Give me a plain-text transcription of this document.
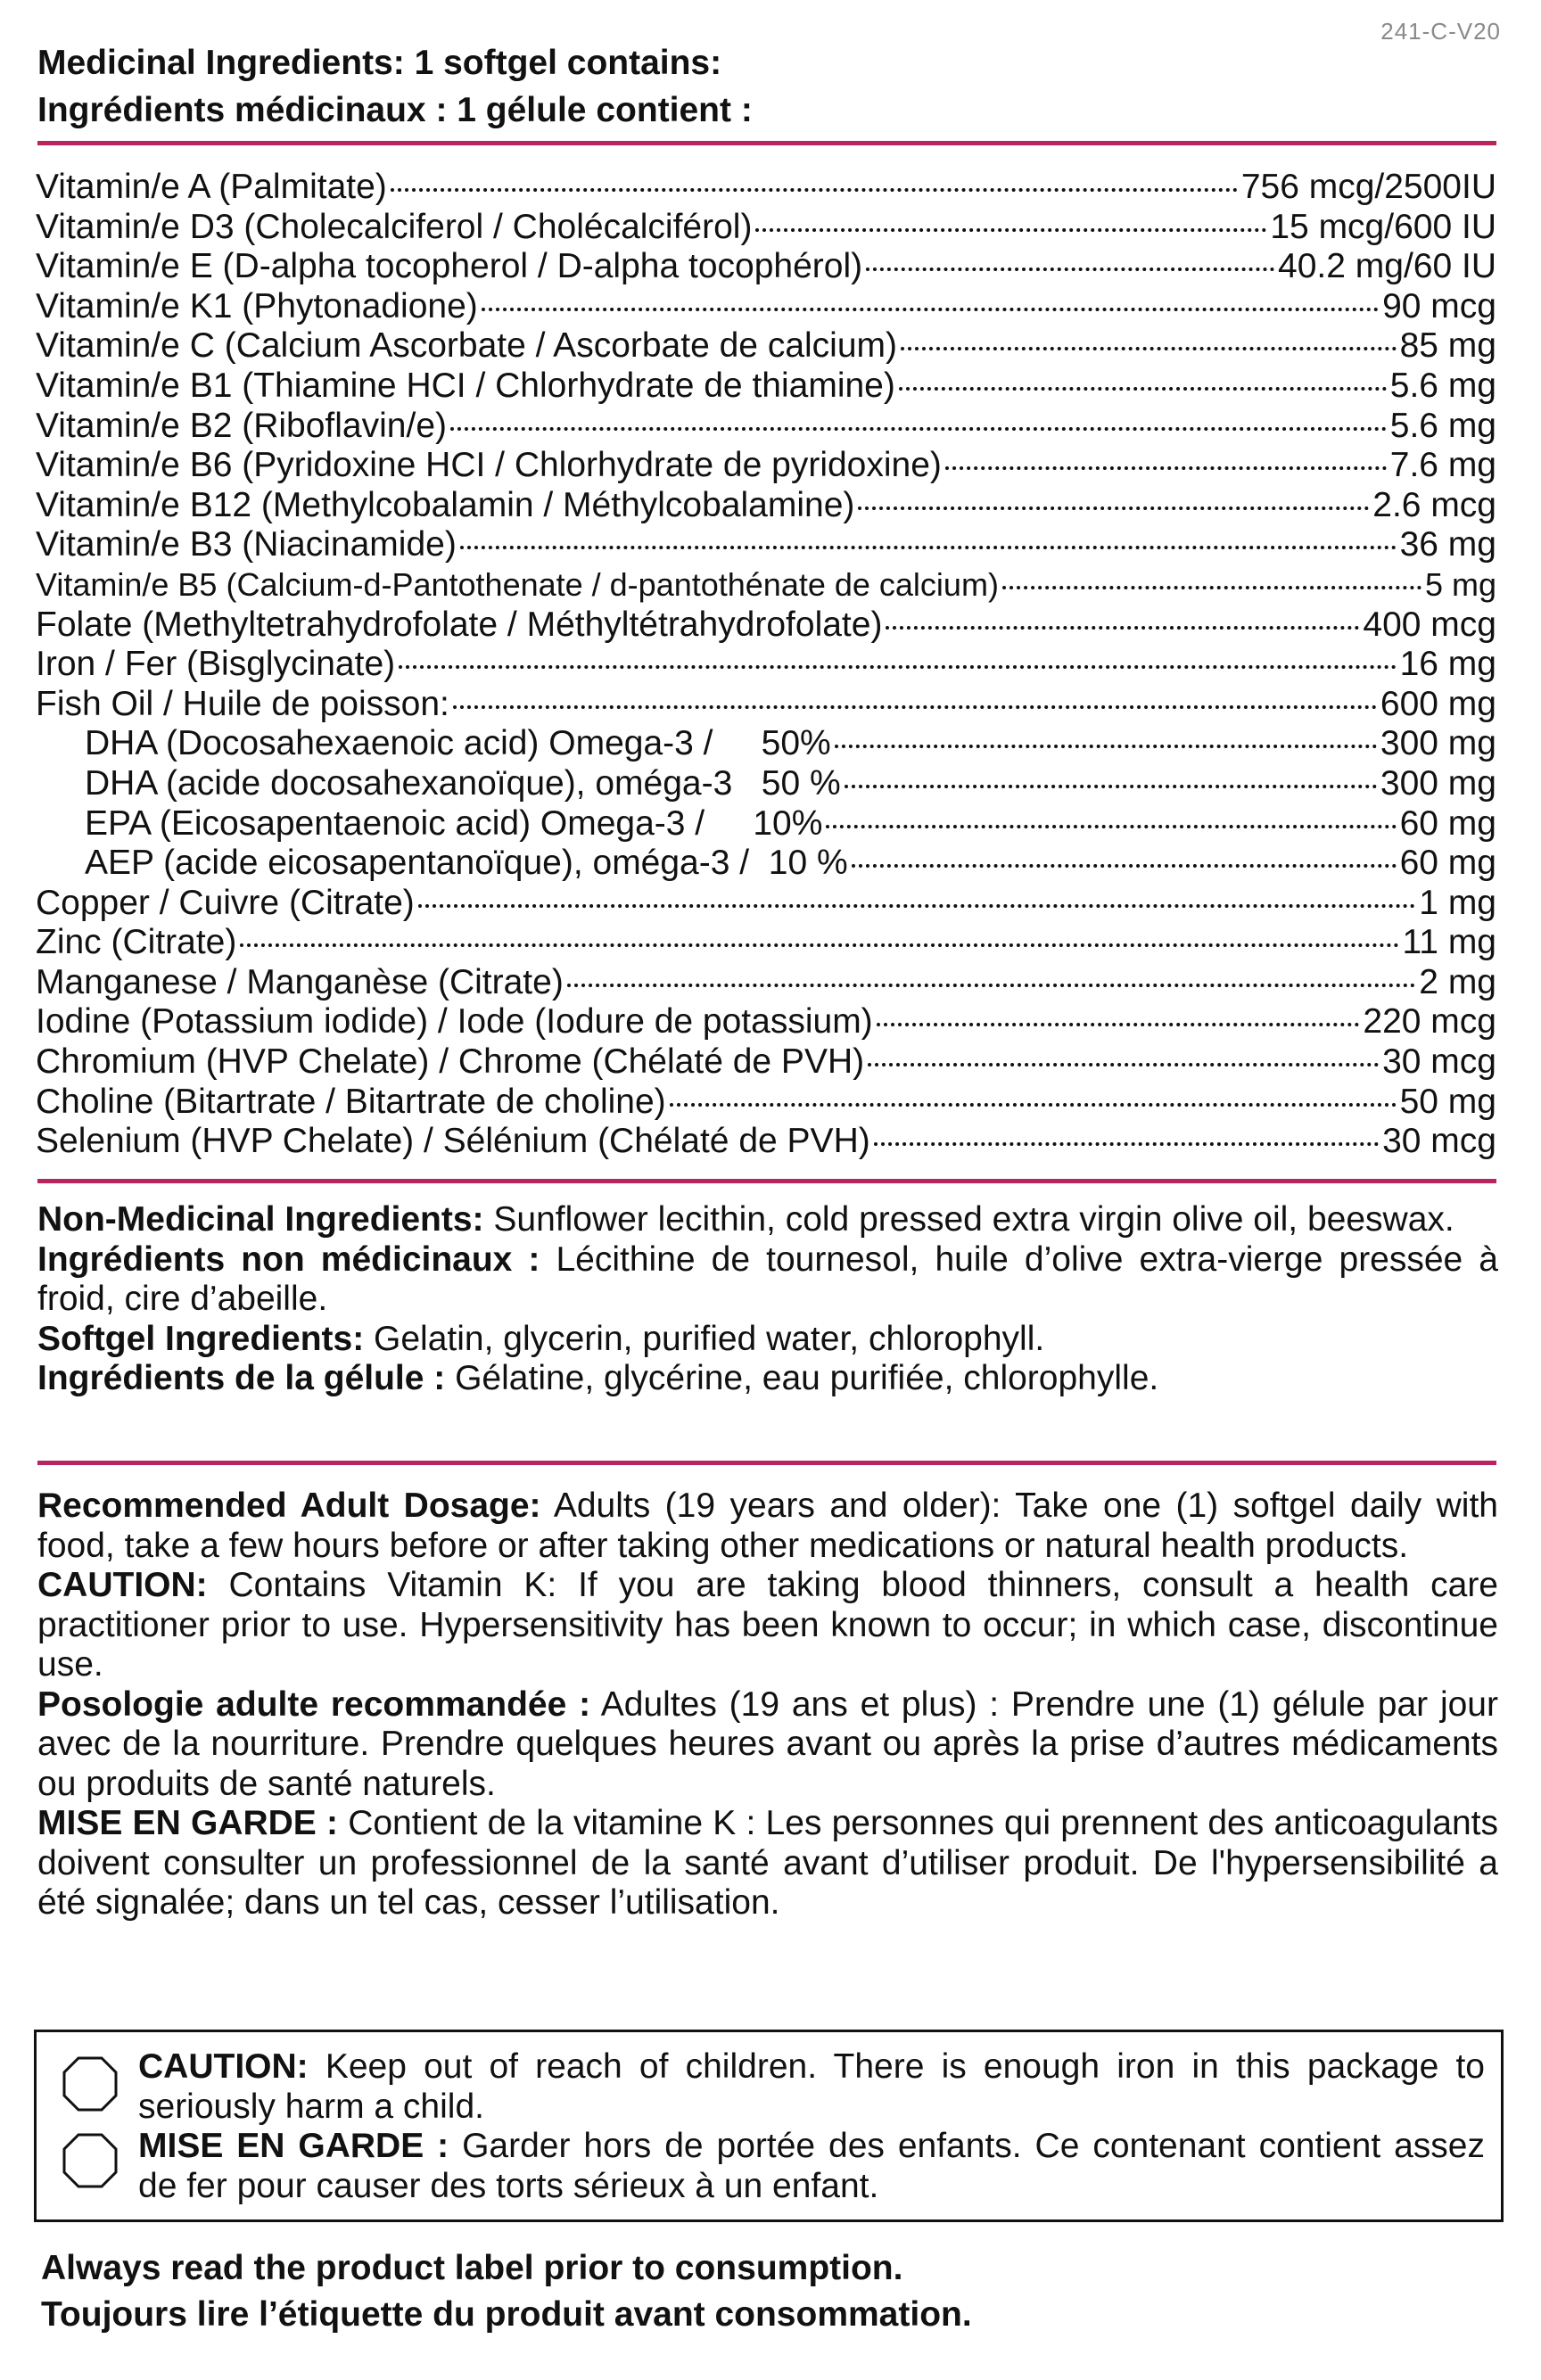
241-C-V20

Medicinal Ingredients: 1 softgel contains:

Ingrédients médicinaux : 1 gélule contient :

Vitamin/e A (Palmitate)	756 mcg/2500IU
Vitamin/e D3 (Cholecalciferol / Cholécalciférol)	15 mcg/600 IU
Vitamin/e E (D-alpha tocopherol / D-alpha tocophérol)	40.2 mg/60 IU
Vitamin/e K1 (Phytonadione)	90 mcg
Vitamin/e C (Calcium Ascorbate / Ascorbate de calcium)	85 mg
Vitamin/e B1 (Thiamine HCI / Chlorhydrate de thiamine)	5.6 mg
Vitamin/e B2 (Riboflavin/e)	5.6 mg
Vitamin/e B6 (Pyridoxine HCI / Chlorhydrate de pyridoxine)	7.6 mg
Vitamin/e B12 (Methylcobalamin / Méthylcobalamine)	2.6 mcg
Vitamin/e B3 (Niacinamide)	36 mg
Vitamin/e B5 (Calcium-d-Pantothenate / d-pantothénate de calcium)	5 mg
Folate (Methyltetrahydrofolate / Méthyltétrahydrofolate)	400 mcg
Iron / Fer (Bisglycinate)	16 mg
Fish Oil / Huile de poisson:	600 mg
DHA (Docosahexaenoic acid) Omega-3 /     50%	300 mg
DHA (acide docosahexanoïque), oméga-3   50 %	300 mg
EPA (Eicosapentaenoic acid) Omega-3 /     10%	60 mg
AEP (acide eicosapentanoïque), oméga-3 /  10 %	60 mg
Copper / Cuivre (Citrate)	1 mg
Zinc (Citrate)	11 mg
Manganese / Manganèse (Citrate)	2 mg
Iodine (Potassium iodide) / Iode (Iodure de potassium)	220 mcg
Chromium (HVP Chelate) / Chrome (Chélaté de PVH)	30 mcg
Choline (Bitartrate / Bitartrate de choline)	50 mg
Selenium (HVP Chelate) / Sélénium (Chélaté de PVH)	30 mcg

Non-Medicinal Ingredients: Sunflower lecithin, cold pressed extra virgin olive oil, beeswax.

Ingrédients non médicinaux : Lécithine de tournesol, huile d’olive extra-vierge pressée à froid, cire d’abeille.

Softgel Ingredients: Gelatin, glycerin, purified water, chlorophyll.

Ingrédients de la gélule : Gélatine, glycérine, eau purifiée, chlorophylle.

Recommended Adult Dosage: Adults (19 years and older): Take one (1) softgel daily with food, take a few hours before or after taking other medications or natural health products.

CAUTION: Contains Vitamin K: If you are taking blood thinners, consult a health care practitioner prior to use. Hypersensitivity has been known to occur; in which case, discontinue use.

Posologie adulte recommandée : Adultes (19 ans et plus) : Prendre une (1) gélule par jour avec de la nourriture. Prendre quelques heures avant ou après la prise d’autres médicaments ou produits de santé naturels.

MISE EN GARDE : Contient de la vitamine K : Les personnes qui prennent des anticoagulants doivent consulter un professionnel de la santé avant d’utiliser produit. De l'hypersensibilité a été signalée; dans un tel cas, cesser l’utilisation.

CAUTION: Keep out of reach of children. There is enough iron in this package to seriously harm a child.

MISE EN GARDE : Garder hors de portée des enfants. Ce contenant contient assez de fer pour causer des torts sérieux à un enfant.

Always read the product label prior to consumption.

Toujours lire l’étiquette du produit avant consommation.
